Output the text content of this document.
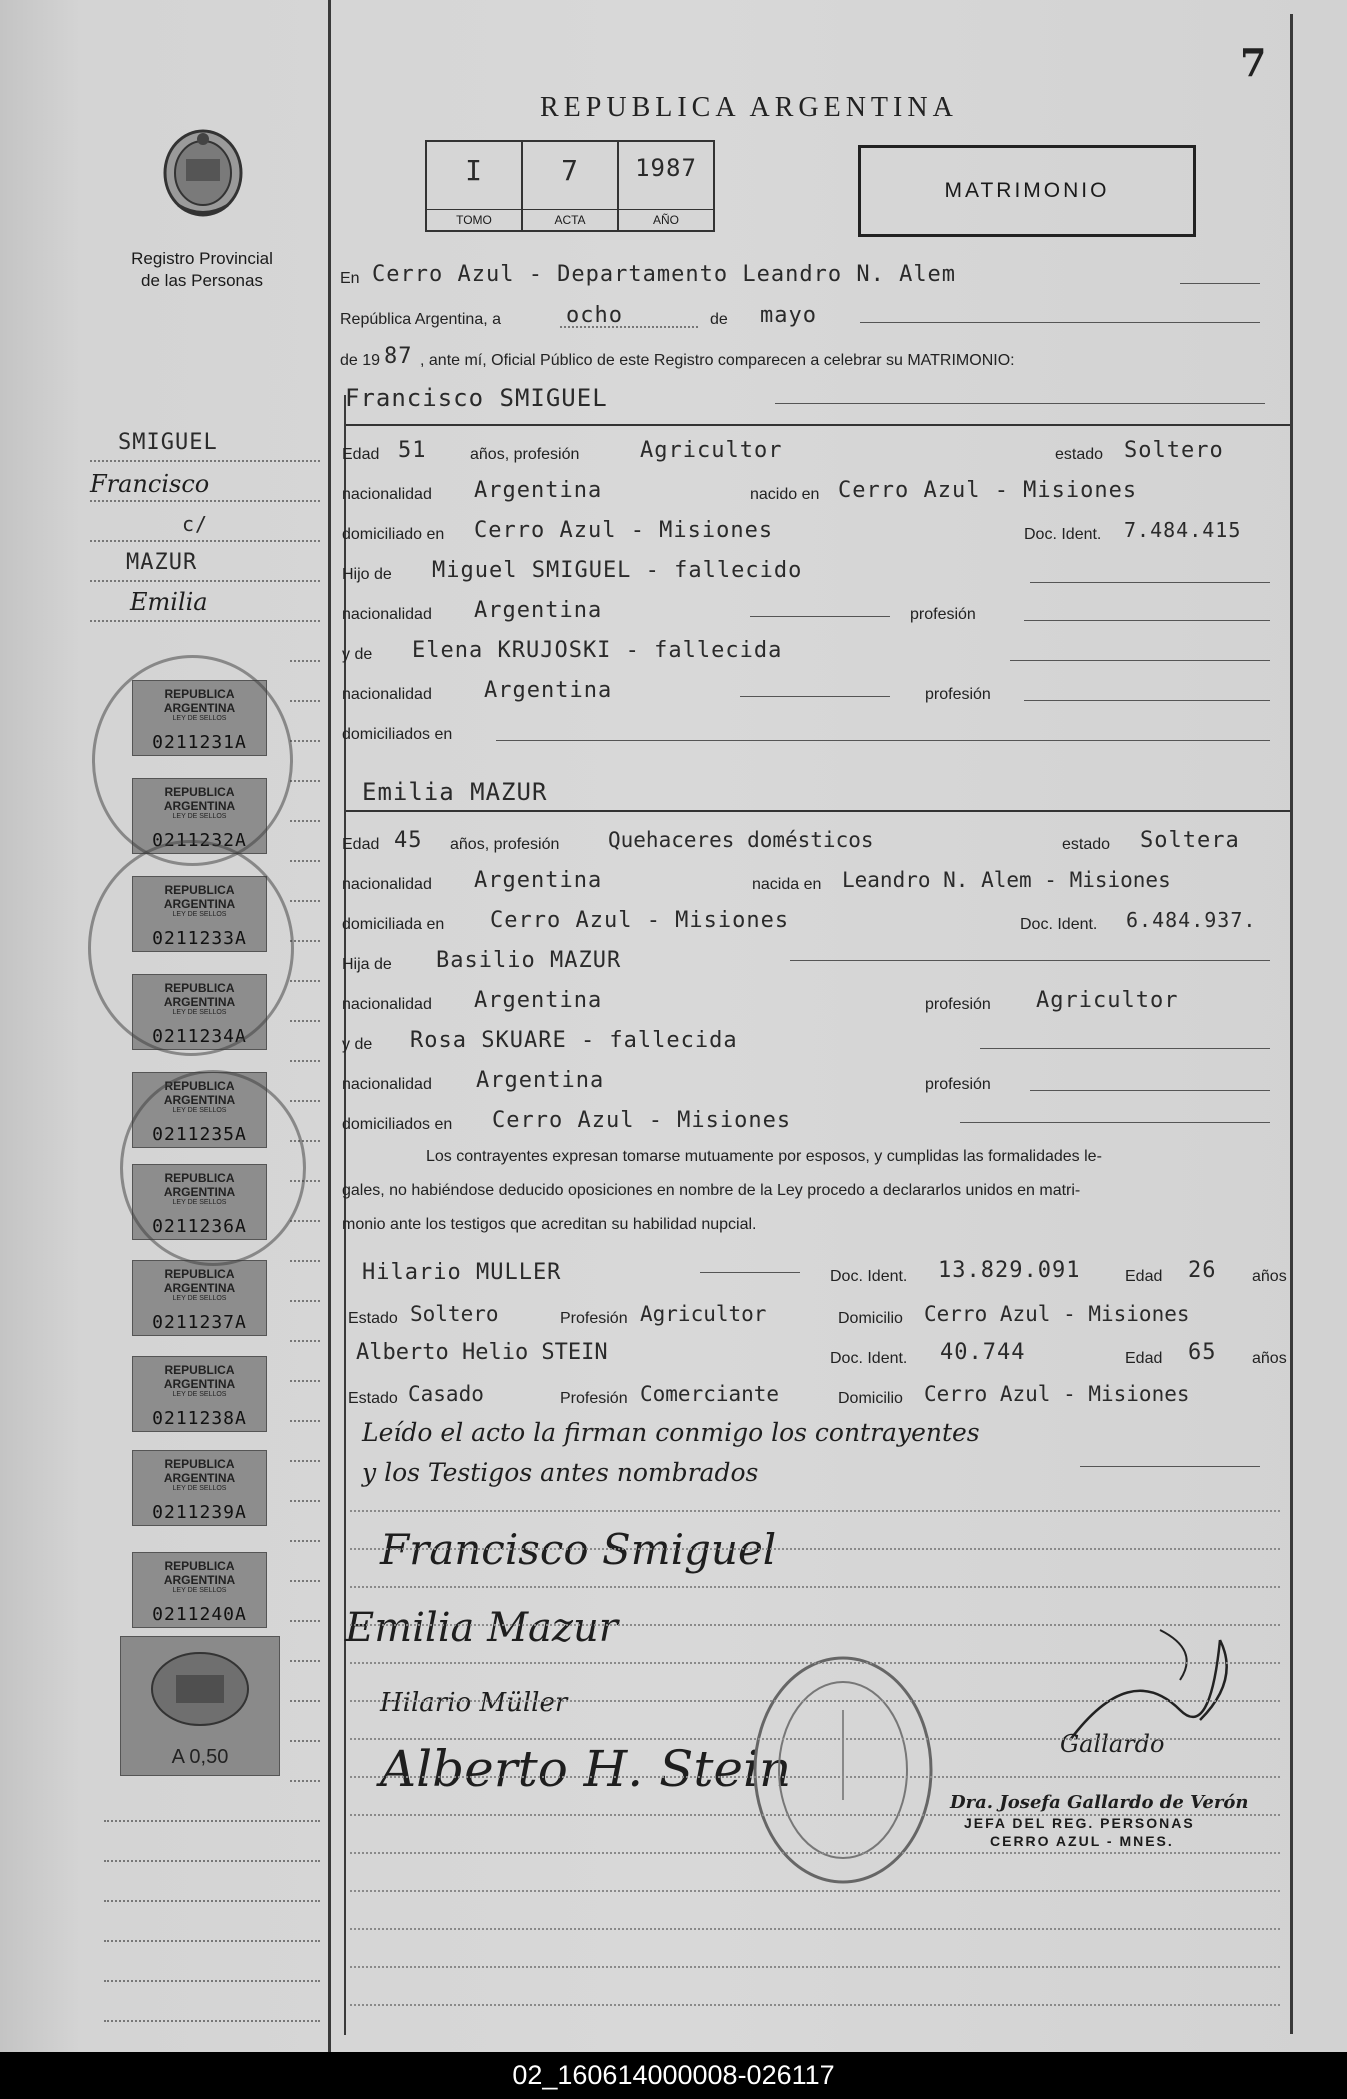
7
REPUBLICA ARGENTINA
Registro Provincial
de las Personas
I
TOMO
7
ACTA
1987
AÑO
MATRIMONIO
SMIGUEL
Francisco
c/
MAZUR
Emilia
REPUBLICA ARGENTINA
LEY DE SELLOS
0211231A
REPUBLICA ARGENTINA
LEY DE SELLOS
0211232A
REPUBLICA ARGENTINA
LEY DE SELLOS
0211233A
REPUBLICA ARGENTINA
LEY DE SELLOS
0211234A
REPUBLICA ARGENTINA
LEY DE SELLOS
0211235A
REPUBLICA ARGENTINA
LEY DE SELLOS
0211236A
REPUBLICA ARGENTINA
LEY DE SELLOS
0211237A
REPUBLICA ARGENTINA
LEY DE SELLOS
0211238A
REPUBLICA ARGENTINA
LEY DE SELLOS
0211239A
REPUBLICA ARGENTINA
LEY DE SELLOS
0211240A
A 0,50
En Cerro Azul - Departamento Leandro N. Alem
República Argentina, a	ocho	de mayo
de 19 87 , ante mí, Oficial Público de este Registro comparecen a celebrar su MATRIMONIO:
Francisco SMIGUEL
Edad 51	años, profesión	Agricultor	estado Soltero
nacionalidad Argentina	nacido en Cerro Azul - Misiones
domiciliado en Cerro Azul - Misiones	Doc. Ident. 7.484.415
Hijo de Miguel SMIGUEL - fallecido
nacionalidad Argentina	profesión
y de Elena KRUJOSKI - fallecida
nacionalidad Argentina	profesión
domiciliados en
Emilia MAZUR
Edad 45 años, profesión Quehaceres domésticos	estado Soltera
nacionalidad Argentina	nacida en Leandro N. Alem - Misiones
domiciliada en Cerro Azul - Misiones	Doc. Ident. 6.484.937.
Hija de Basilio MAZUR
nacionalidad Argentina	profesión Agricultor
y de Rosa SKUARE - fallecida
nacionalidad Argentina	profesión
domiciliados en Cerro Azul - Misiones
Los contrayentes expresan tomarse mutuamente por esposos, y cumplidas las formalidades le-
gales, no habiéndose deducido oposiciones en nombre de la Ley procedo a declararlos unidos en matri-
monio ante los testigos que acreditan su habilidad nupcial.
Hilario MULLER	Doc. Ident. 13.829.091	Edad 26 años
Estado Soltero	Profesión Agricultor	Domicilio Cerro Azul - Misiones
Alberto Helio STEIN	Doc. Ident. 40.744	Edad 65 años
Estado Casado	Profesión Comerciante	Domicilio Cerro Azul - Misiones
Leído el acto la firman conmigo los contrayentes
y los Testigos antes nombrados
Francisco Smiguel
Emilia Mazur
Hilario Müller
Alberto H. Stein	Gallardo
Dra. Josefa Gallardo de Verón
JEFA DEL REG. PERSONAS
CERRO AZUL - MNES.
02_160614000008-026117
